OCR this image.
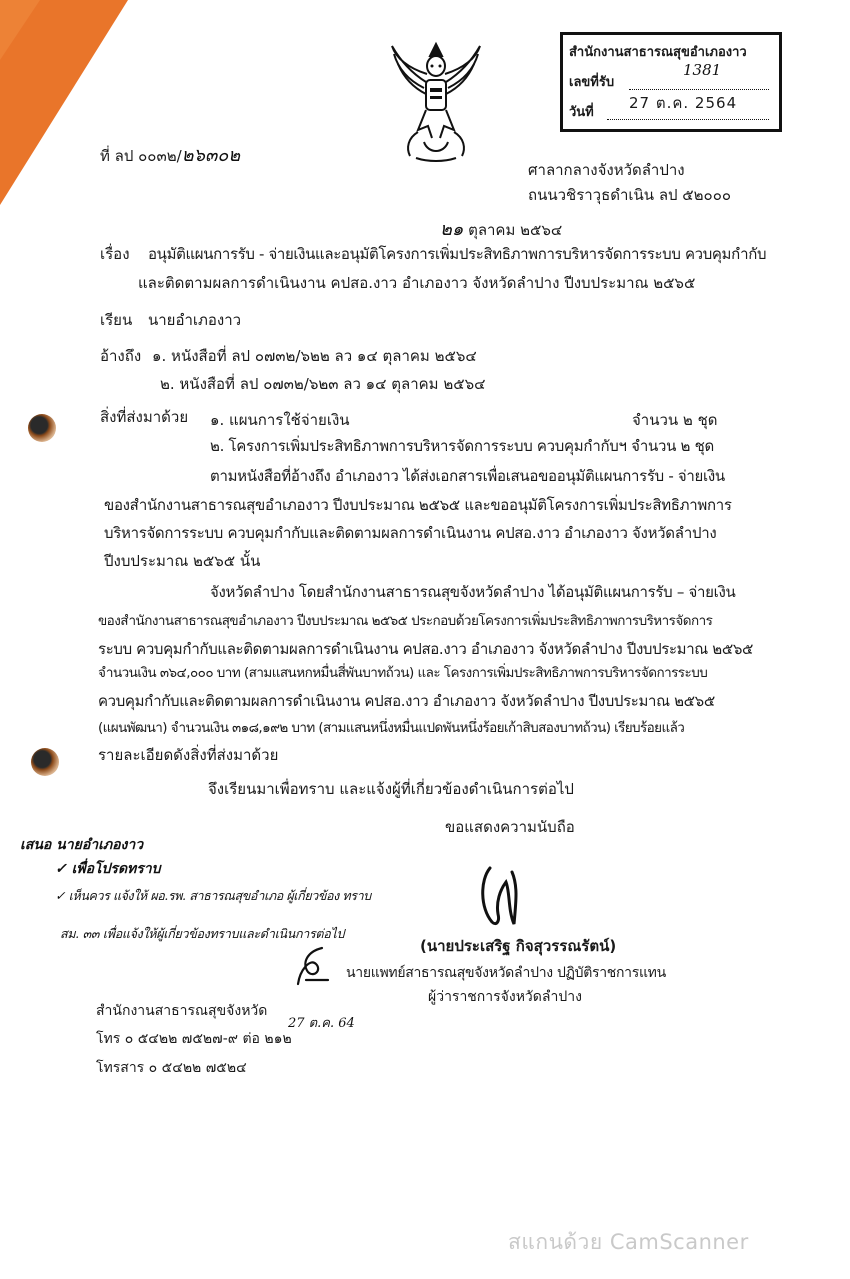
สำนักงานสาธารณสุขอำเภองาว
เลขที่รับ
1381
วันที่
27 ต.ค. 2564
ที่ ลป ๐๐๓๒/๒๖๓๐๒
ศาลากลางจังหวัดลำปาง
ถนนวชิราวุธดำเนิน ลป ๕๒๐๐๐
๒๑ ตุลาคม ๒๕๖๔
เรื่อง อนุมัติแผนการรับ - จ่ายเงินและอนุมัติโครงการเพิ่มประสิทธิภาพการบริหารจัดการระบบ ควบคุมกำกับ
และติดตามผลการดำเนินงาน คปสอ.งาว อำเภองาว จังหวัดลำปาง ปีงบประมาณ ๒๕๖๕
เรียน นายอำเภองาว
อ้างถึง ๑. หนังสือที่ ลป ๐๗๓๒/๖๒๒ ลว ๑๔ ตุลาคม ๒๕๖๔
๒. หนังสือที่ ลป ๐๗๓๒/๖๒๓ ลว ๑๔ ตุลาคม ๒๕๖๔
สิ่งที่ส่งมาด้วย ๑. แผนการใช้จ่ายเงิน	จำนวน ๒ ชุด
๒. โครงการเพิ่มประสิทธิภาพการบริหารจัดการระบบ ควบคุมกำกับฯ จำนวน ๒ ชุด
ตามหนังสือที่อ้างถึง อำเภองาว ได้ส่งเอกสารเพื่อเสนอขออนุมัติแผนการรับ - จ่ายเงิน
ของสำนักงานสาธารณสุขอำเภองาว ปีงบประมาณ ๒๕๖๕ และขออนุมัติโครงการเพิ่มประสิทธิภาพการ
บริหารจัดการระบบ ควบคุมกำกับและติดตามผลการดำเนินงาน คปสอ.งาว อำเภองาว จังหวัดลำปาง
ปีงบประมาณ ๒๕๖๕ นั้น
จังหวัดลำปาง โดยสำนักงานสาธารณสุขจังหวัดลำปาง ได้อนุมัติแผนการรับ – จ่ายเงิน
ของสำนักงานสาธารณสุขอำเภองาว ปีงบประมาณ ๒๕๖๕ ประกอบด้วยโครงการเพิ่มประสิทธิภาพการบริหารจัดการ
ระบบ ควบคุมกำกับและติดตามผลการดำเนินงาน คปสอ.งาว อำเภองาว จังหวัดลำปาง ปีงบประมาณ ๒๕๖๕
จำนวนเงิน ๓๖๔,๐๐๐ บาท (สามแสนหกหมื่นสี่พันบาทถ้วน) และ โครงการเพิ่มประสิทธิภาพการบริหารจัดการระบบ
ควบคุมกำกับและติดตามผลการดำเนินงาน คปสอ.งาว อำเภองาว จังหวัดลำปาง ปีงบประมาณ ๒๕๖๕
(แผนพัฒนา) จำนวนเงิน ๓๑๘,๑๙๒ บาท (สามแสนหนึ่งหมื่นแปดพันหนึ่งร้อยเก้าสิบสองบาทถ้วน) เรียบร้อยแล้ว
รายละเอียดดังสิ่งที่ส่งมาด้วย
จึงเรียนมาเพื่อทราบ และแจ้งผู้ที่เกี่ยวข้องดำเนินการต่อไป
ขอแสดงความนับถือ
(นายประเสริฐ กิจสุวรรณรัตน์)
นายแพทย์สาธารณสุขจังหวัดลำปาง ปฏิบัติราชการแทน
ผู้ว่าราชการจังหวัดลำปาง
เสนอ นายอำเภองาว
✓ เพื่อโปรดทราบ
✓ เห็นควร แจ้งให้ ผอ.รพ. สาธารณสุขอำเภอ ผู้เกี่ยวข้อง ทราบ
สม. ๓๓ เพื่อแจ้งให้ผู้เกี่ยวข้องทราบและดำเนินการต่อไป
27 ต.ค. 64
สำนักงานสาธารณสุขจังหวัด
โทร ๐ ๕๔๒๒ ๗๕๒๗-๙ ต่อ ๒๑๒
โทรสาร ๐ ๕๔๒๒ ๗๕๒๔
สแกนด้วย CamScanner
